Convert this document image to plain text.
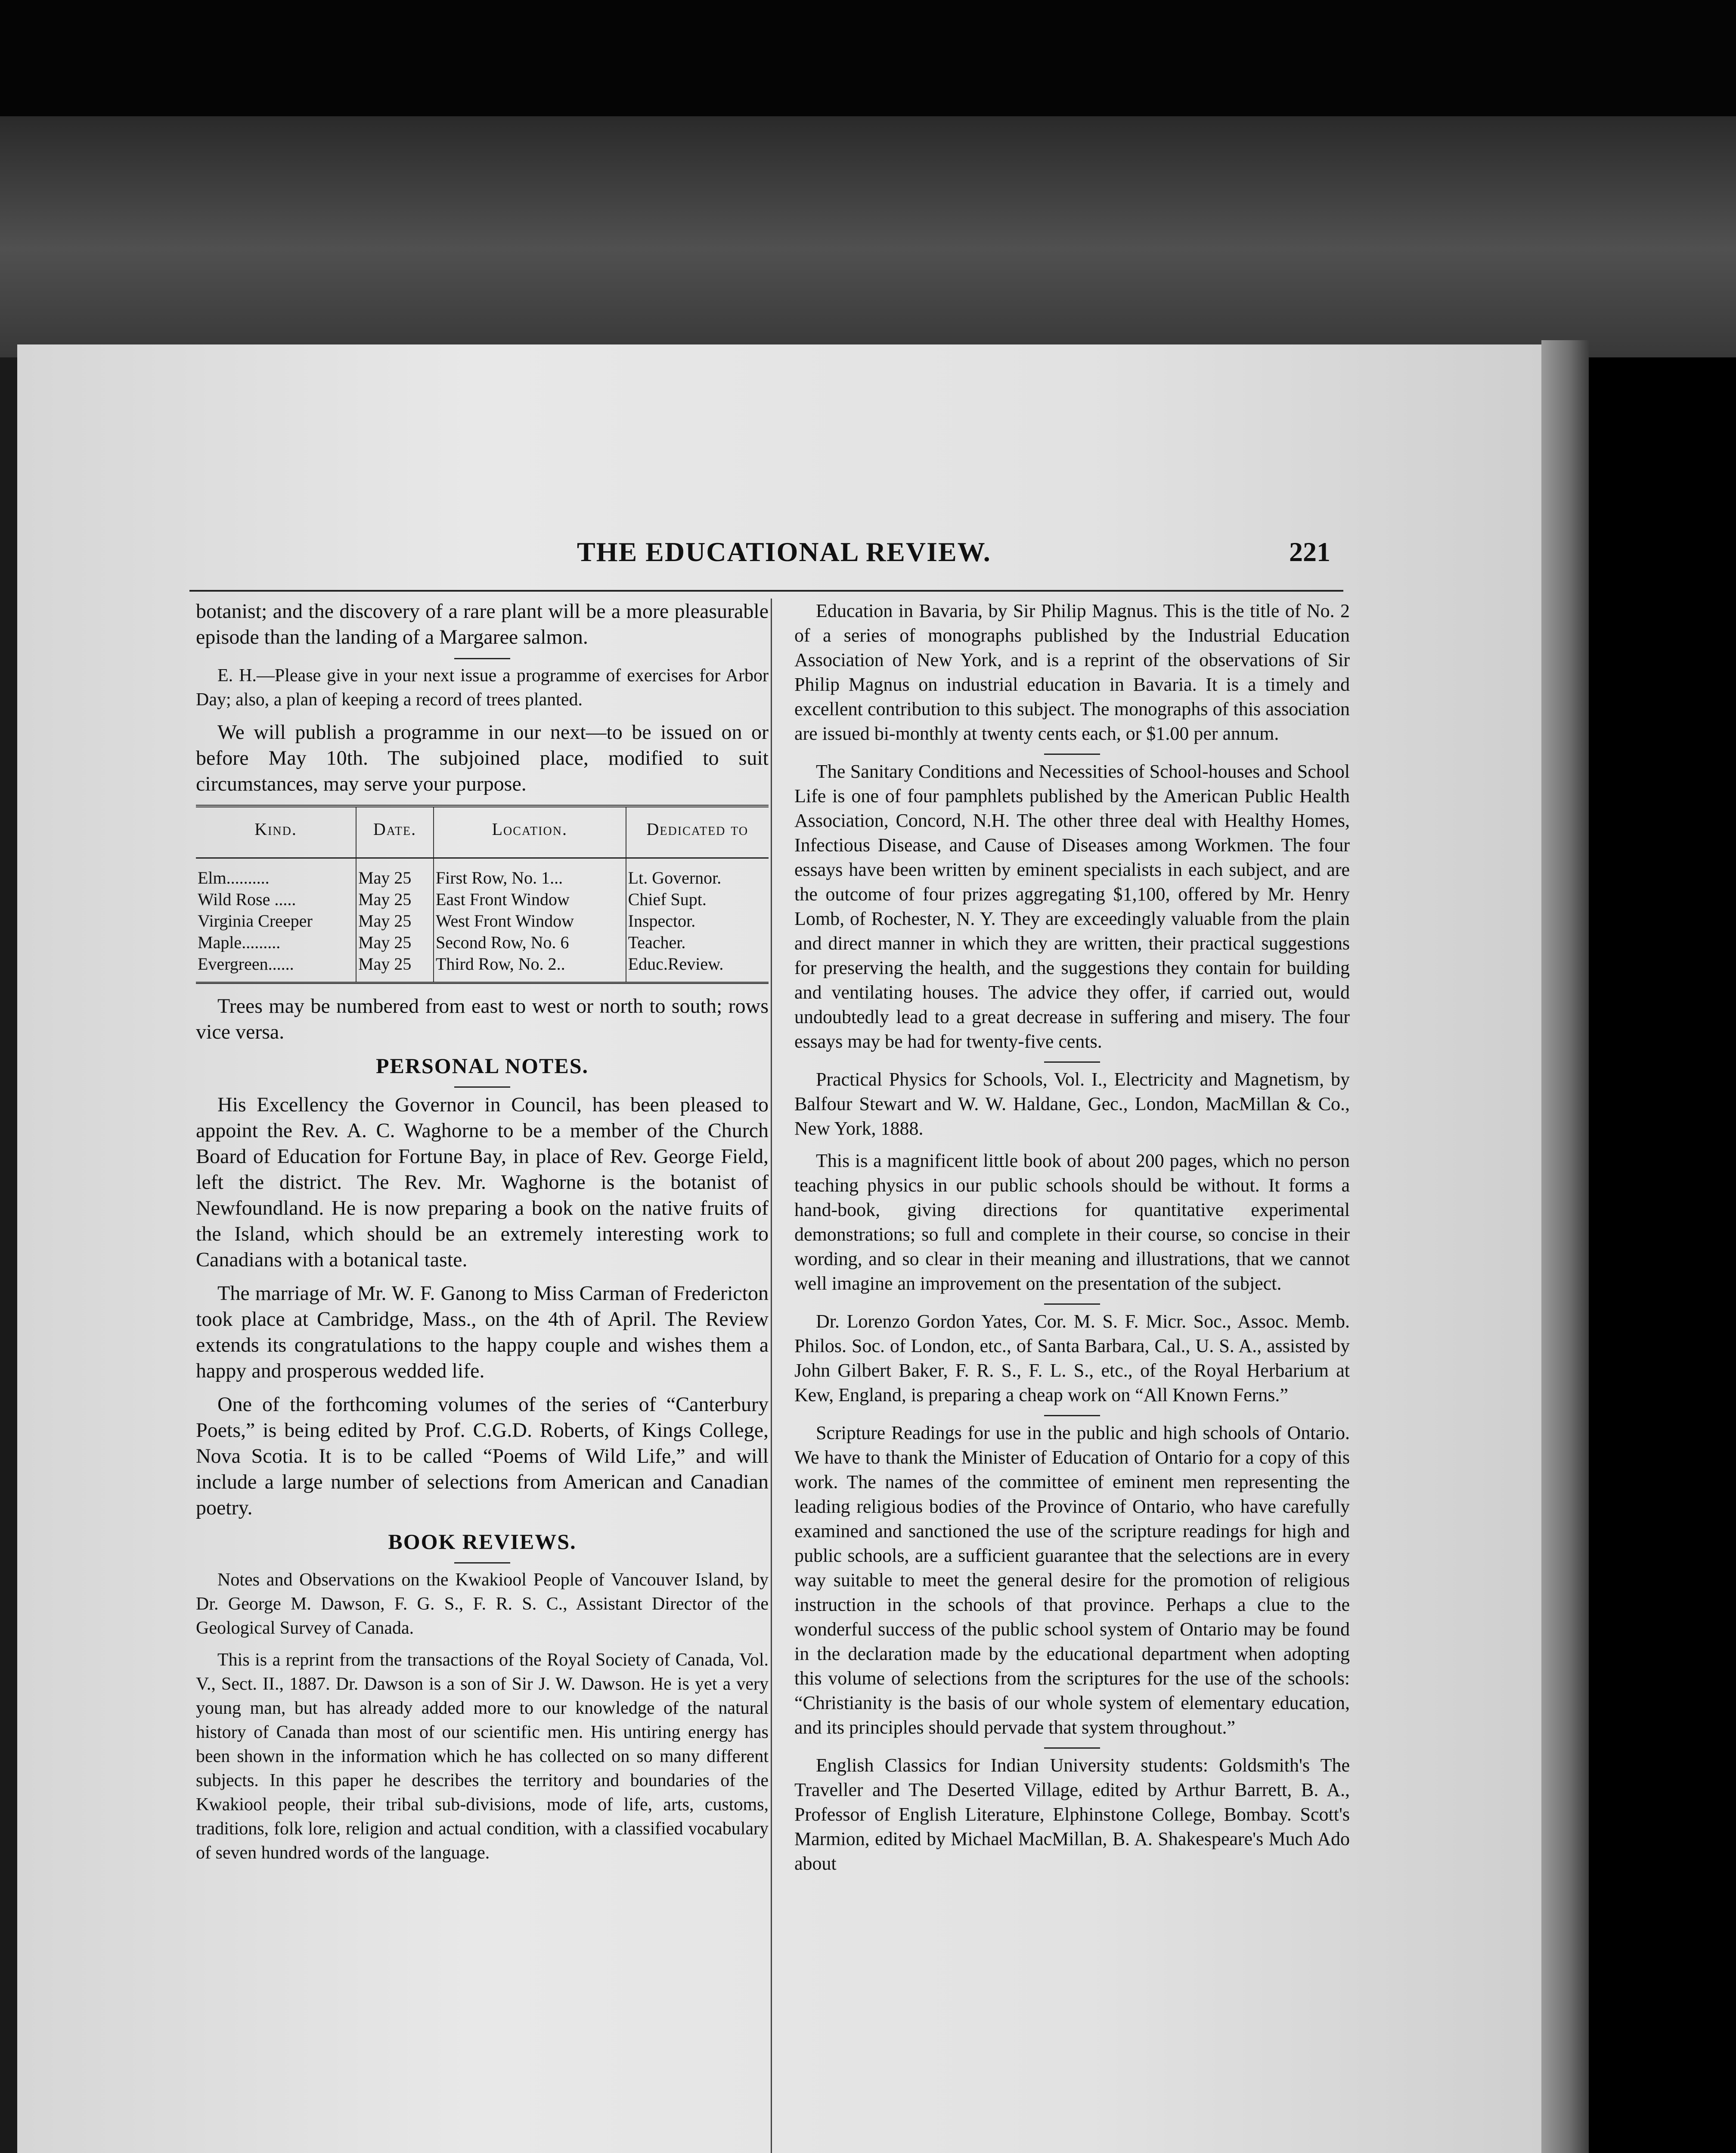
THE EDUCATIONAL REVIEW.	221

botanist; and the discovery of a rare plant will be a more pleasurable episode than the landing of a Margaree salmon.

E. H.—Please give in your next issue a programme of exercises for Arbor Day; also, a plan of keeping a record of trees planted.

We will publish a programme in our next—to be issued on or before May 10th. The subjoined place, modified to suit circumstances, may serve your purpose.

Kind.	Date.	Location.	Dedicated to
Elm..........	May 25	First Row, No. 1...	Lt. Governor.
Wild Rose .....	May 25	East Front Window	Chief Supt.
Virginia Creeper	May 25	West Front Window	Inspector.
Maple.........	May 25	Second Row, No. 6	Teacher.
Evergreen......	May 25	Third Row, No. 2..	Educ.Review.

Trees may be numbered from east to west or north to south; rows vice versa.

PERSONAL NOTES.

His Excellency the Governor in Council, has been pleased to appoint the Rev. A. C. Waghorne to be a member of the Church Board of Education for Fortune Bay, in place of Rev. George Field, left the district. The Rev. Mr. Waghorne is the botanist of Newfoundland. He is now preparing a book on the native fruits of the Island, which should be an extremely interesting work to Canadians with a botanical taste.

The marriage of Mr. W. F. Ganong to Miss Carman of Fredericton took place at Cambridge, Mass., on the 4th of April. The Review extends its congratulations to the happy couple and wishes them a happy and prosperous wedded life.

One of the forthcoming volumes of the series of “Canterbury Poets,” is being edited by Prof. C.G.D. Roberts, of Kings College, Nova Scotia. It is to be called “Poems of Wild Life,” and will include a large number of selections from American and Canadian poetry.

BOOK REVIEWS.

Notes and Observations on the Kwakiool People of Vancouver Island, by Dr. George M. Dawson, F. G. S., F. R. S. C., Assistant Director of the Geological Survey of Canada.

This is a reprint from the transactions of the Royal Society of Canada, Vol. V., Sect. II., 1887. Dr. Dawson is a son of Sir J. W. Dawson. He is yet a very young man, but has already added more to our knowledge of the natural history of Canada than most of our scientific men. His untiring energy has been shown in the information which he has collected on so many different subjects. In this paper he describes the territory and boundaries of the Kwakiool people, their tribal sub-divisions, mode of life, arts, customs, traditions, folk lore, religion and actual condition, with a classified vocabulary of seven hundred words of the language.

Education in Bavaria, by Sir Philip Magnus. This is the title of No. 2 of a series of monographs published by the Industrial Education Association of New York, and is a reprint of the observations of Sir Philip Magnus on industrial education in Bavaria. It is a timely and excellent contribution to this subject. The monographs of this association are issued bi-monthly at twenty cents each, or $1.00 per annum.

The Sanitary Conditions and Necessities of School-houses and School Life is one of four pamphlets published by the American Public Health Association, Concord, N.H. The other three deal with Healthy Homes, Infectious Disease, and Cause of Diseases among Workmen. The four essays have been written by eminent specialists in each subject, and are the outcome of four prizes aggregating $1,100, offered by Mr. Henry Lomb, of Rochester, N. Y. They are exceedingly valuable from the plain and direct manner in which they are written, their practical suggestions for preserving the health, and the suggestions they contain for building and ventilating houses. The advice they offer, if carried out, would undoubtedly lead to a great decrease in suffering and misery. The four essays may be had for twenty-five cents.

Practical Physics for Schools, Vol. I., Electricity and Magnetism, by Balfour Stewart and W. W. Haldane, Gec., London, MacMillan & Co., New York, 1888.

This is a magnificent little book of about 200 pages, which no person teaching physics in our public schools should be without. It forms a hand-book, giving directions for quantitative experimental demonstrations; so full and complete in their course, so concise in their wording, and so clear in their meaning and illustrations, that we cannot well imagine an improvement on the presentation of the subject.

Dr. Lorenzo Gordon Yates, Cor. M. S. F. Micr. Soc., Assoc. Memb. Philos. Soc. of London, etc., of Santa Barbara, Cal., U. S. A., assisted by John Gilbert Baker, F. R. S., F. L. S., etc., of the Royal Herbarium at Kew, England, is preparing a cheap work on “All Known Ferns.”

Scripture Readings for use in the public and high schools of Ontario. We have to thank the Minister of Education of Ontario for a copy of this work. The names of the committee of eminent men representing the leading religious bodies of the Province of Ontario, who have carefully examined and sanctioned the use of the scripture readings for high and public schools, are a sufficient guarantee that the selections are in every way suitable to meet the general desire for the promotion of religious instruction in the schools of that province. Perhaps a clue to the wonderful success of the public school system of Ontario may be found in the declaration made by the educational department when adopting this volume of selections from the scriptures for the use of the schools: “Christianity is the basis of our whole system of elementary education, and its principles should pervade that system throughout.”

English Classics for Indian University students: Goldsmith's The Traveller and The Deserted Village, edited by Arthur Barrett, B. A., Professor of English Literature, Elphinstone College, Bombay. Scott's Marmion, edited by Michael MacMillan, B. A. Shakespeare's Much Ado about
